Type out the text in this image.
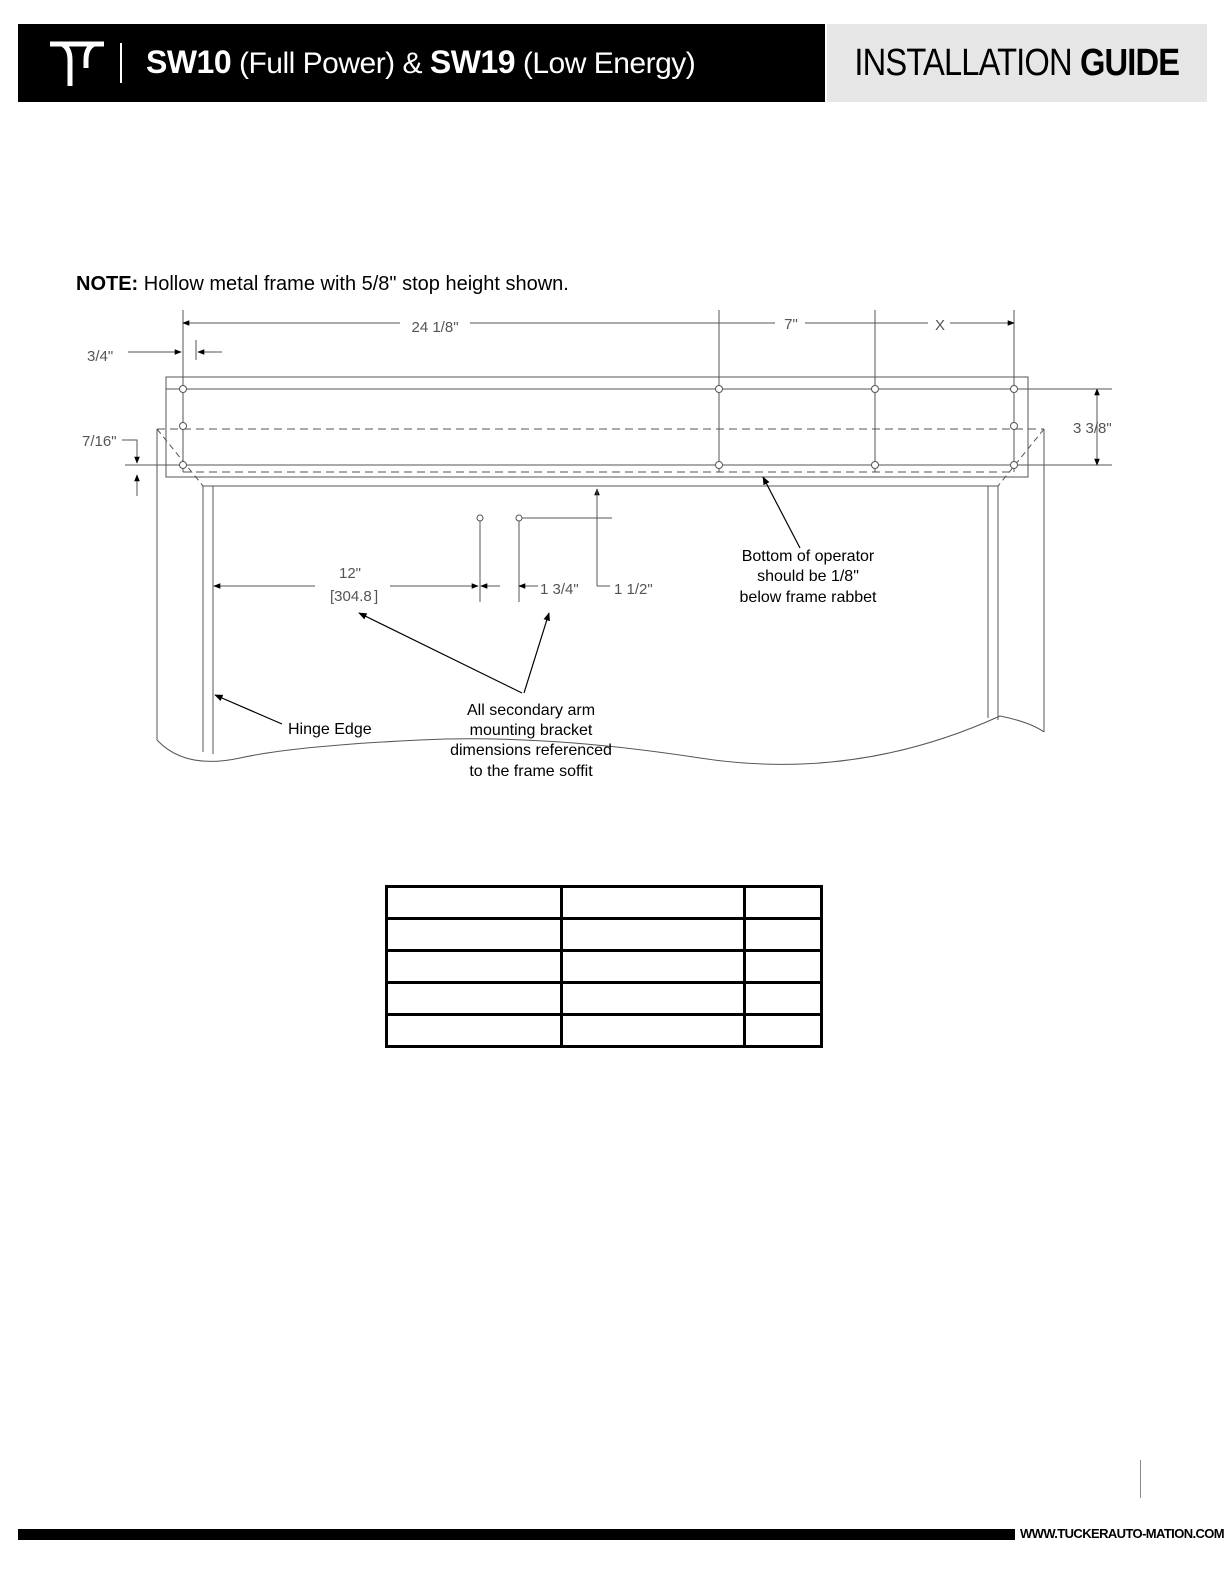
SW10 (Full Power) & SW19 (Low Energy)	INSTALLATION GUIDE
NOTE: Hollow metal frame with 5/8" stop height shown.
24 1/8"	7"	X
3/4"
7/16"
3 3/8"
12"
[304.8 ]	1 3/4" 1 1/2"
Bottom of operator
should be 1/8"
below frame rabbet
Hinge Edge
All secondary arm
mounting bracket
dimensions referenced
to the frame soffit

WWW.TUCKERAUTO-MATION.COM
